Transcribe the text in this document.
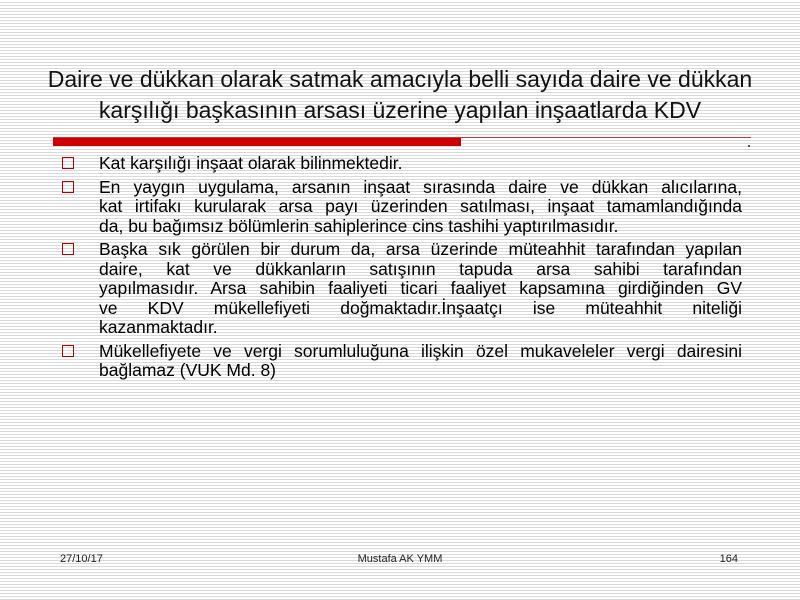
Daire ve dükkan olarak satmak amacıyla belli sayıda daire ve dükkan
karşılığı başkasının arsası üzerine yapılan inşaatlarda KDV
Kat karşılığı inşaat olarak bilinmektedir.
En yaygın uygulama, arsanın inşaat sırasında daire ve dükkan alıcılarına,
kat irtifakı kurularak arsa payı üzerinden satılması, inşaat tamamlandığında
da, bu bağımsız bölümlerin sahiplerince cins tashihi yaptırılmasıdır.
Başka sık görülen bir durum da, arsa üzerinde müteahhit tarafından yapılan
daire, kat ve dükkanların satışının tapuda arsa sahibi tarafından
yapılmasıdır. Arsa sahibin faaliyeti ticari faaliyet kapsamına girdiğinden GV
ve KDV mükellefiyeti doğmaktadır.İnşaatçı ise müteahhit niteliği
kazanmaktadır.
Mükellefiyete ve vergi sorumluluğuna ilişkin özel mukaveleler vergi dairesini
bağlamaz (VUK Md. 8)
27/10/17	Mustafa AK YMM	164
